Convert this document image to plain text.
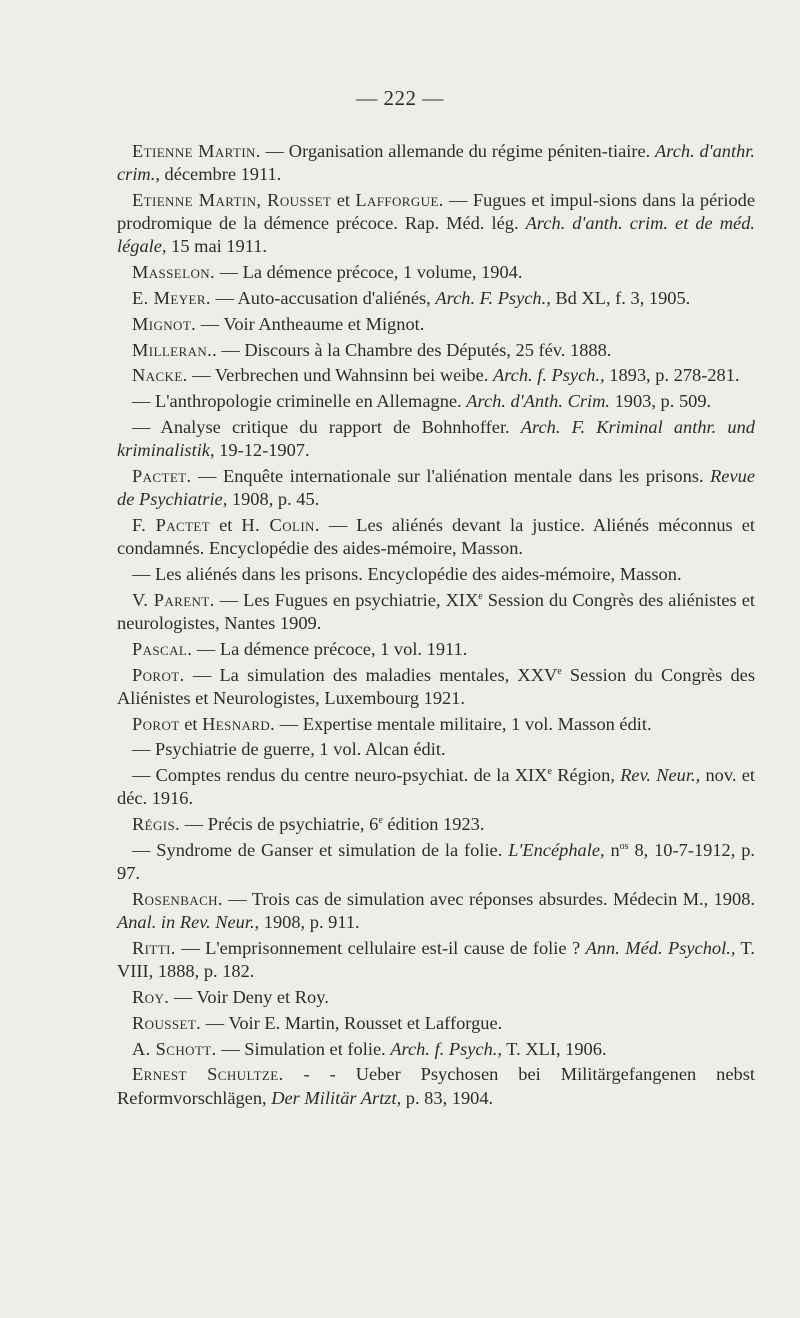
— 222 —

Etienne Martin. — Organisation allemande du régime péniten-tiaire. Arch. d'anthr. crim., décembre 1911.

Etienne Martin, Rousset et Lafforgue. — Fugues et impul-sions dans la période prodromique de la démence précoce. Rap. Méd. lég. Arch. d'anth. crim. et de méd. légale, 15 mai 1911.

Masselon. — La démence précoce, 1 volume, 1904.

E. Meyer. — Auto-accusation d'aliénés, Arch. F. Psych., Bd XL, f. 3, 1905.

Mignot. — Voir Antheaume et Mignot.

Milleran.. — Discours à la Chambre des Députés, 25 fév. 1888.

Nacke. — Verbrechen und Wahnsinn bei weibe. Arch. f. Psych., 1893, p. 278-281.

— L'anthropologie criminelle en Allemagne. Arch. d'Anth. Crim. 1903, p. 509.

— Analyse critique du rapport de Bohnhoffer. Arch. F. Kriminal anthr. und kriminalistik, 19-12-1907.

Pactet. — Enquête internationale sur l'aliénation mentale dans les prisons. Revue de Psychiatrie, 1908, p. 45.

F. Pactet et H. Colin. — Les aliénés devant la justice. Aliénés méconnus et condamnés. Encyclopédie des aides-mémoire, Masson.

— Les aliénés dans les prisons. Encyclopédie des aides-mémoire, Masson.

V. Parent. — Les Fugues en psychiatrie, XIXe Session du Congrès des aliénistes et neurologistes, Nantes 1909.

Pascal. — La démence précoce, 1 vol. 1911.

Porot. — La simulation des maladies mentales, XXVe Session du Congrès des Aliénistes et Neurologistes, Luxembourg 1921.

Porot et Hesnard. — Expertise mentale militaire, 1 vol. Masson édit.

— Psychiatrie de guerre, 1 vol. Alcan édit.

— Comptes rendus du centre neuro-psychiat. de la XIXe Région, Rev. Neur., nov. et déc. 1916.

Régis. — Précis de psychiatrie, 6e édition 1923.

— Syndrome de Ganser et simulation de la folie. L'Encéphale, $n^{os}$ 8, 10-7-1912, p. 97.

Rosenbach. — Trois cas de simulation avec réponses absurdes. Médecin M., 1908. Anal. in Rev. Neur., 1908, p. 911.

Ritti. — L'emprisonnement cellulaire est-il cause de folie ? Ann. Méd. Psychol., T. VIII, 1888, p. 182.

Roy. — Voir Deny et Roy.

Rousset. — Voir E. Martin, Rousset et Lafforgue.

A. Schott. — Simulation et folie. Arch. f. Psych., T. XLI, 1906.

Ernest Schultze. - - Ueber Psychosen bei Militärgefangenen nebst Reformvorschlägen, Der Militär Artzt, p. 83, 1904.
